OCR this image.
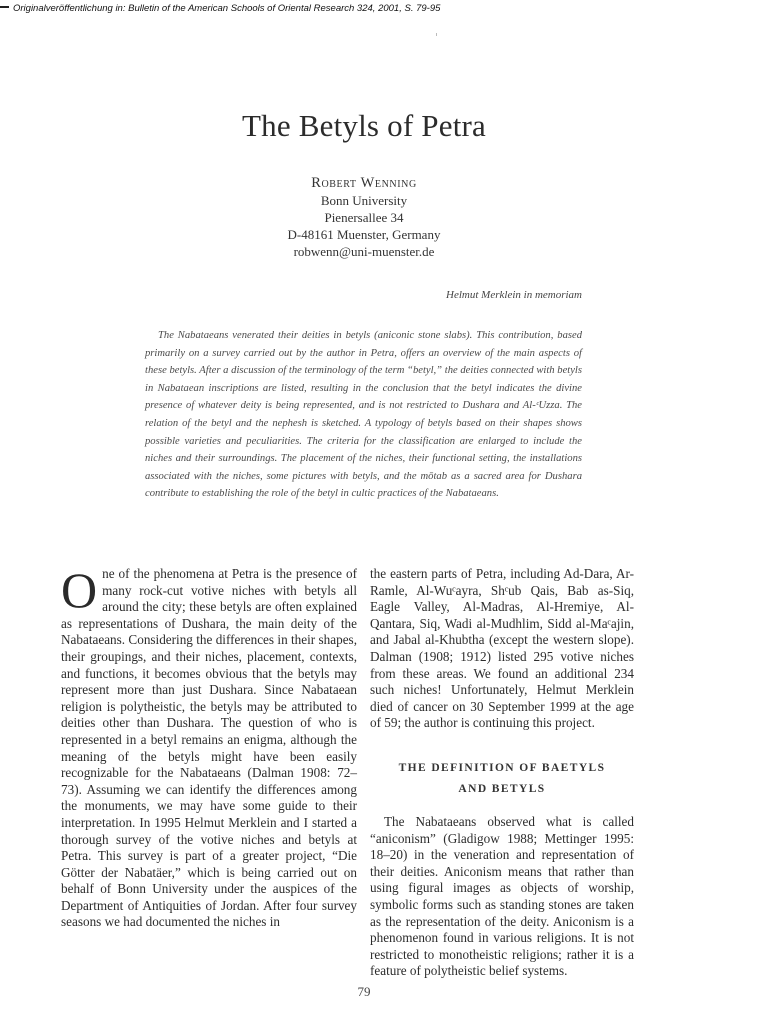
Originalveröffentlichung in: Bulletin of the American Schools of Oriental Research 324, 2001, S. 79-95
The Betyls of Petra
Robert Wenning
Bonn University
Pienersallee 34
D-48161 Muenster, Germany
robwenn@uni-muenster.de
Helmut Merklein in memoriam

The Nabataeans venerated their deities in betyls (aniconic stone slabs). This contribution, based primarily on a survey carried out by the author in Petra, offers an overview of the main aspects of these betyls. After a discussion of the terminology of the term “betyl,” the deities connected with betyls in Nabataean inscriptions are listed, resulting in the conclusion that the betyl indicates the divine presence of whatever deity is being represented, and is not restricted to Dushara and Al-ᶜUzza. The relation of the betyl and the nephesh is sketched. A typology of betyls based on their shapes shows possible varieties and peculiarities. The criteria for the classification are enlarged to include the niches and their surroundings. The placement of the niches, their functional setting, the installations associated with the niches, some pictures with betyls, and the mōtab as a sacred area for Dushara contribute to establishing the role of the betyl in cultic practices of the Nabataeans.

One of the phenomena at Petra is the presence of many rock-cut votive niches with betyls all around the city; these betyls are often explained as representations of Dushara, the main deity of the Nabataeans. Considering the differences in their shapes, their groupings, and their niches, placement, contexts, and functions, it becomes obvious that the betyls may represent more than just Dushara. Since Nabataean religion is polytheistic, the betyls may be attributed to deities other than Dushara. The question of who is represented in a betyl remains an enigma, although the meaning of the betyls might have been easily recognizable for the Nabataeans (Dalman 1908: 72–73). Assuming we can identify the differences among the monuments, we may have some guide to their interpretation. In 1995 Helmut Merklein and I started a thorough survey of the votive niches and betyls at Petra. This survey is part of a greater project, “Die Götter der Nabatäer,” which is being carried out on behalf of Bonn University under the auspices of the Department of Antiquities of Jordan. After four survey seasons we had documented the niches in

the eastern parts of Petra, including Ad-Dara, Ar-Ramle, Al-Wuᶜayra, Shᶜub Qais, Bab as-Siq, Eagle Valley, Al-Madras, Al-Hremiye, Al-Qantara, Siq, Wadi al-Mudhlim, Sidd al-Maᶜajin, and Jabal al-Khubtha (except the western slope). Dalman (1908; 1912) listed 295 votive niches from these areas. We found an additional 234 such niches! Unfortunately, Helmut Merklein died of cancer on 30 September 1999 at the age of 59; the author is continuing this project.

THE DEFINITION OF BAETYLS
AND BETYLS

The Nabataeans observed what is called “aniconism” (Gladigow 1988; Mettinger 1995: 18–20) in the veneration and representation of their deities. Aniconism means that rather than using figural images as objects of worship, symbolic forms such as standing stones are taken as the representation of the deity. Aniconism is a phenomenon found in various religions. It is not restricted to monotheistic religions; rather it is a feature of polytheistic belief systems.

79
